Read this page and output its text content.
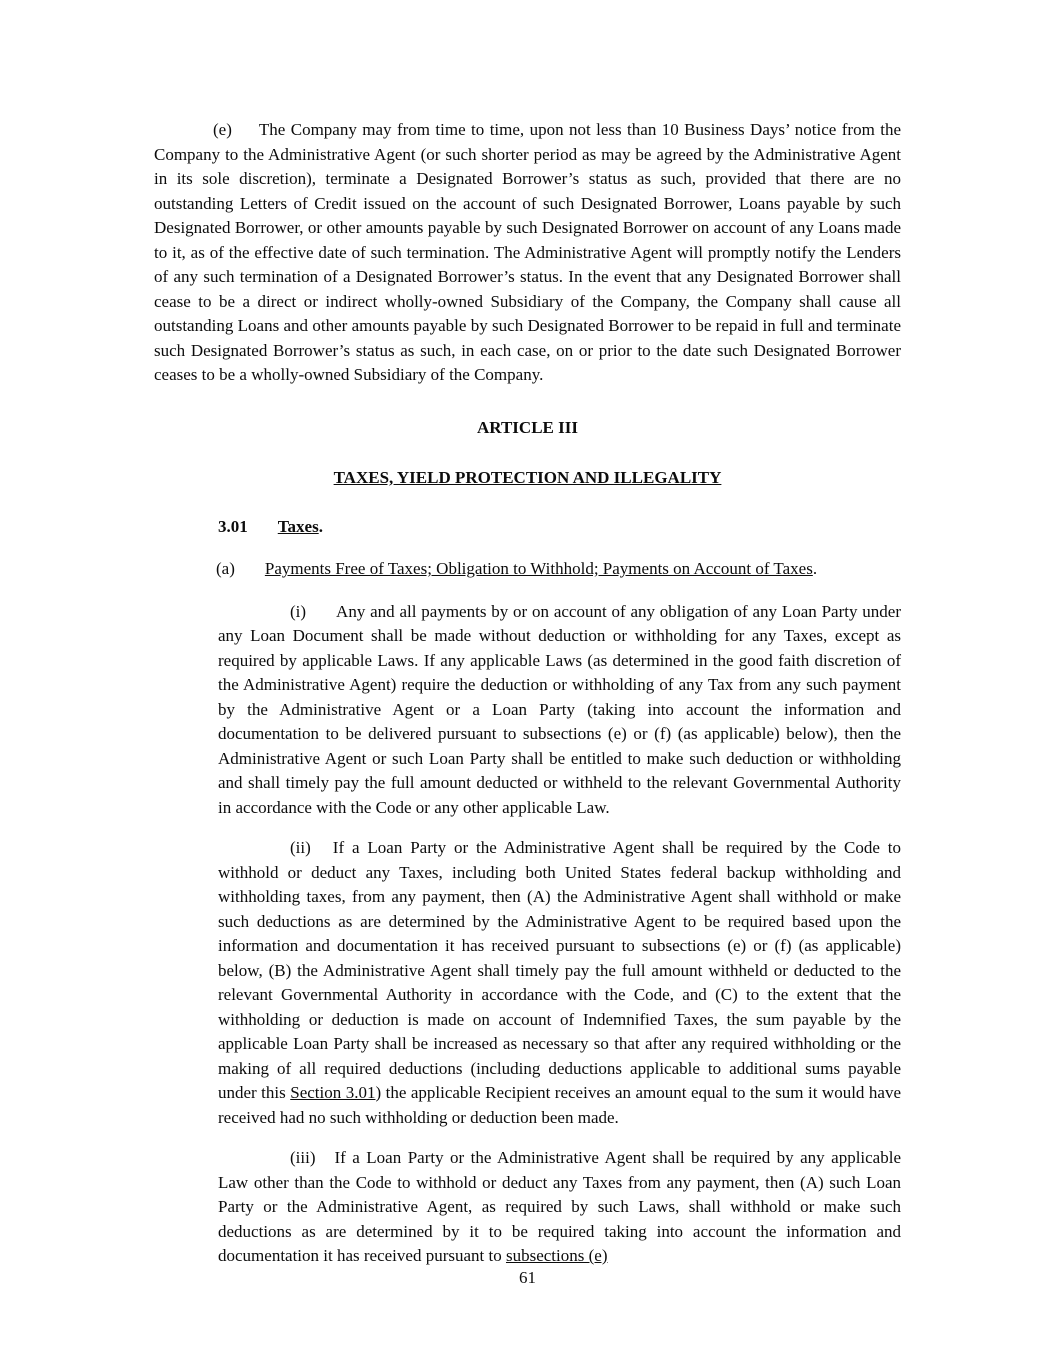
(e) The Company may from time to time, upon not less than 10 Business Days’ notice from the Company to the Administrative Agent (or such shorter period as may be agreed by the Administrative Agent in its sole discretion), terminate a Designated Borrower’s status as such, provided that there are no outstanding Letters of Credit issued on the account of such Designated Borrower, Loans payable by such Designated Borrower, or other amounts payable by such Designated Borrower on account of any Loans made to it, as of the effective date of such termination. The Administrative Agent will promptly notify the Lenders of any such termination of a Designated Borrower’s status. In the event that any Designated Borrower shall cease to be a direct or indirect wholly-owned Subsidiary of the Company, the Company shall cause all outstanding Loans and other amounts payable by such Designated Borrower to be repaid in full and terminate such Designated Borrower’s status as such, in each case, on or prior to the date such Designated Borrower ceases to be a wholly-owned Subsidiary of the Company.

ARTICLE III

TAXES, YIELD PROTECTION AND ILLEGALITY

3.01 Taxes.

(a) Payments Free of Taxes; Obligation to Withhold; Payments on Account of Taxes.

(i) Any and all payments by or on account of any obligation of any Loan Party under any Loan Document shall be made without deduction or withholding for any Taxes, except as required by applicable Laws. If any applicable Laws (as determined in the good faith discretion of the Administrative Agent) require the deduction or withholding of any Tax from any such payment by the Administrative Agent or a Loan Party (taking into account the information and documentation to be delivered pursuant to subsections (e) or (f) (as applicable) below), then the Administrative Agent or such Loan Party shall be entitled to make such deduction or withholding and shall timely pay the full amount deducted or withheld to the relevant Governmental Authority in accordance with the Code or any other applicable Law.

(ii) If a Loan Party or the Administrative Agent shall be required by the Code to withhold or deduct any Taxes, including both United States federal backup withholding and withholding taxes, from any payment, then (A) the Administrative Agent shall withhold or make such deductions as are determined by the Administrative Agent to be required based upon the information and documentation it has received pursuant to subsections (e) or (f) (as applicable) below, (B) the Administrative Agent shall timely pay the full amount withheld or deducted to the relevant Governmental Authority in accordance with the Code, and (C) to the extent that the withholding or deduction is made on account of Indemnified Taxes, the sum payable by the applicable Loan Party shall be increased as necessary so that after any required withholding or the making of all required deductions (including deductions applicable to additional sums payable under this Section 3.01) the applicable Recipient receives an amount equal to the sum it would have received had no such withholding or deduction been made.

(iii) If a Loan Party or the Administrative Agent shall be required by any applicable Law other than the Code to withhold or deduct any Taxes from any payment, then (A) such Loan Party or the Administrative Agent, as required by such Laws, shall withhold or make such deductions as are determined by it to be required taking into account the information and documentation it has received pursuant to subsections (e)

61
